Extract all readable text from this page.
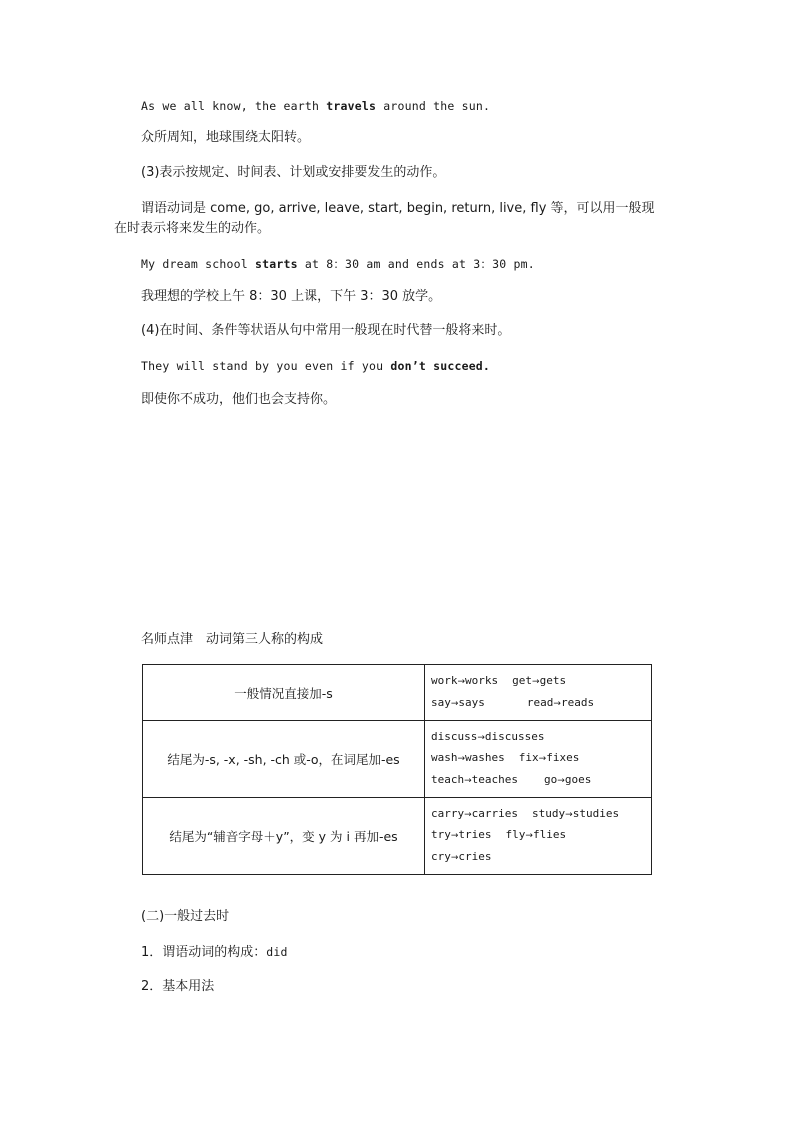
As we all know, the earth travels around the sun.
众所周知，地球围绕太阳转。
(3)表示按规定、时间表、计划或安排要发生的动作。
谓语动词是 come, go, arrive, leave, start, begin, return, live, fly 等，可以用一般现在时表示将来发生的动作。
My dream school starts at 8：30 am and ends at 3：30 pm.
我理想的学校上午 8：30 上课，下午 3：30 放学。
(4)在时间、条件等状语从句中常用一般现在时代替一般将来时。
They will stand by you even if you don’t succeed.
即使你不成功，他们也会支持你。
名师点津　动词第三人称的构成
一般情况直接加-s	work→works get→gets
say→says read→reads

结尾为-s, -x, -sh, -ch 或-o，在词尾加-es	discuss→discusses
wash→washes fix→fixes
teach→teaches go→goes

结尾为“辅音字母＋y”，变 y 为 i 再加-es	carry→carries study→studies
try→tries fly→flies
cry→cries
(二)一般过去时
1．谓语动词的构成：did
2．基本用法
